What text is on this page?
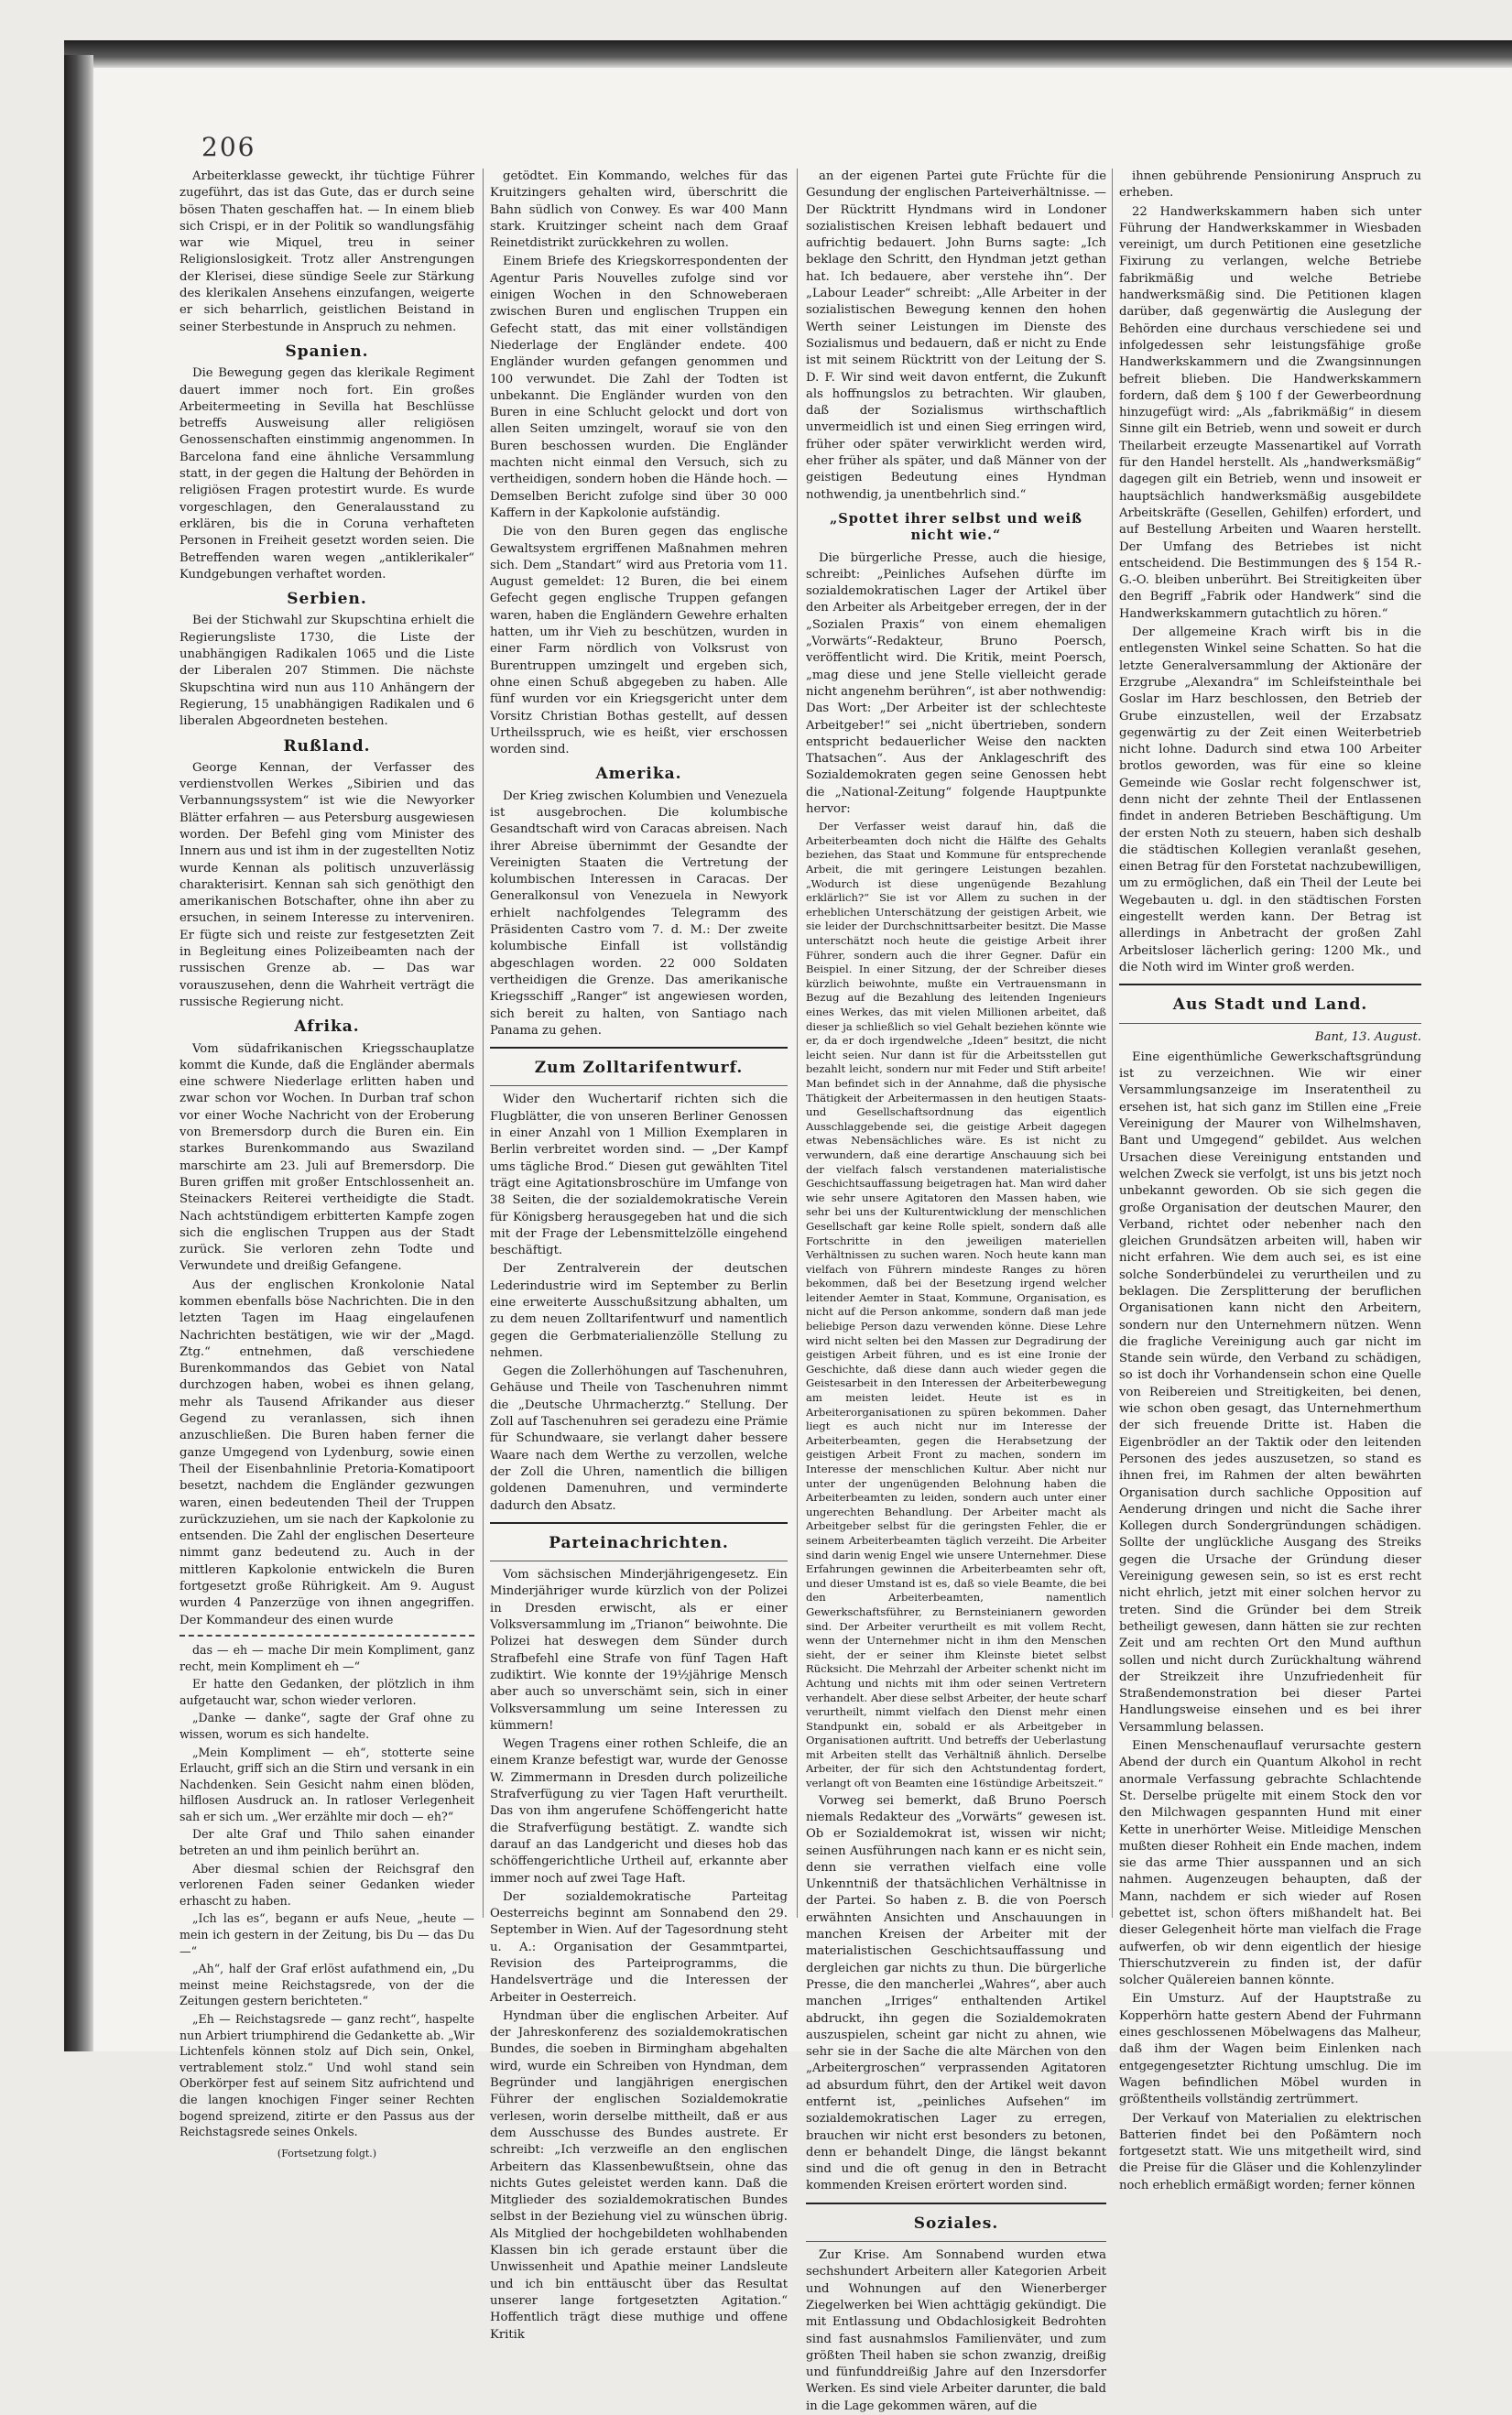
206

Arbeiterklasse geweckt, ihr tüchtige Führer zugeführt, das ist das Gute, das er durch seine bösen Thaten geschaffen hat. — In einem blieb sich Crispi, er in der Politik so wandlungsfähig war wie Miquel, treu in seiner Religionslosigkeit. Trotz aller Anstrengungen der Klerisei, diese sündige Seele zur Stärkung des klerikalen Ansehens einzufangen, weigerte er sich beharrlich, geistlichen Beistand in seiner Sterbestunde in Anspruch zu nehmen.

Spanien.

Die Bewegung gegen das klerikale Regiment dauert immer noch fort. Ein großes Arbeitermeeting in Sevilla hat Beschlüsse betreffs Ausweisung aller religiösen Genossenschaften einstimmig angenommen. In Barcelona fand eine ähnliche Versammlung statt, in der gegen die Haltung der Behörden in religiösen Fragen protestirt wurde. Es wurde vorgeschlagen, den Generalausstand zu erklären, bis die in Coruna verhafteten Personen in Freiheit gesetzt worden seien. Die Betreffenden waren wegen „antiklerikaler“ Kundgebungen verhaftet worden.

Serbien.

Bei der Stichwahl zur Skupschtina erhielt die Regierungsliste 1730, die Liste der unabhängigen Radikalen 1065 und die Liste der Liberalen 207 Stimmen. Die nächste Skupschtina wird nun aus 110 Anhängern der Regierung, 15 unabhängigen Radikalen und 6 liberalen Abgeordneten bestehen.

Rußland.

George Kennan, der Verfasser des verdienstvollen Werkes „Sibirien und das Verbannungssystem“ ist wie die Newyorker Blätter erfahren — aus Petersburg ausgewiesen worden. Der Befehl ging vom Minister des Innern aus und ist ihm in der zugestellten Notiz wurde Kennan als politisch unzuverlässig charakterisirt. Kennan sah sich genöthigt den amerikanischen Botschafter, ohne ihn aber zu ersuchen, in seinem Interesse zu interveniren. Er fügte sich und reiste zur festgesetzten Zeit in Begleitung eines Polizeibeamten nach der russischen Grenze ab. — Das war vorauszusehen, denn die Wahrheit verträgt die russische Regierung nicht.

Afrika.

Vom südafrikanischen Kriegsschauplatze kommt die Kunde, daß die Engländer abermals eine schwere Niederlage erlitten haben und zwar schon vor Wochen. In Durban traf schon vor einer Woche Nachricht von der Eroberung von Bremersdorp durch die Buren ein. Ein starkes Burenkommando aus Swaziland marschirte am 23. Juli auf Bremersdorp. Die Buren griffen mit großer Entschlossenheit an. Steinackers Reiterei vertheidigte die Stadt. Nach achtstündigem erbitterten Kampfe zogen sich die englischen Truppen aus der Stadt zurück. Sie verloren zehn Todte und Verwundete und dreißig Gefangene.

Aus der englischen Kronkolonie Natal kommen ebenfalls böse Nachrichten. Die in den letzten Tagen im Haag eingelaufenen Nachrichten bestätigen, wie wir der „Magd. Ztg.“ entnehmen, daß verschiedene Burenkommandos das Gebiet von Natal durchzogen haben, wobei es ihnen gelang, mehr als Tausend Afrikander aus dieser Gegend zu veranlassen, sich ihnen anzuschließen. Die Buren haben ferner die ganze Umgegend von Lydenburg, sowie einen Theil der Eisenbahnlinie Pretoria-Komatipoort besetzt, nachdem die Engländer gezwungen waren, einen bedeutenden Theil der Truppen zurückzuziehen, um sie nach der Kapkolonie zu entsenden. Die Zahl der englischen Deserteure nimmt ganz bedeutend zu. Auch in der mittleren Kapkolonie entwickeln die Buren fortgesetzt große Rührigkeit. Am 9. August wurden 4 Panzerzüge von ihnen angegriffen. Der Kommandeur des einen wurde

das — eh — mache Dir mein Kompliment, ganz recht, mein Kompliment eh —“

Er hatte den Gedanken, der plötzlich in ihm aufgetaucht war, schon wieder verloren.

„Danke — danke“, sagte der Graf ohne zu wissen, worum es sich handelte.

„Mein Kompliment — eh“, stotterte seine Erlaucht, griff sich an die Stirn und versank in ein Nachdenken. Sein Gesicht nahm einen blöden, hilflosen Ausdruck an. In ratloser Verlegenheit sah er sich um. „Wer erzählte mir doch — eh?“

Der alte Graf und Thilo sahen einander betreten an und ihm peinlich berührt an.

Aber diesmal schien der Reichsgraf den verlorenen Faden seiner Gedanken wieder erhascht zu haben.

„Ich las es“, begann er aufs Neue, „heute — mein ich gestern in der Zeitung, bis Du — das Du —“

„Ah“, half der Graf erlöst aufathmend ein, „Du meinst meine Reichstagsrede, von der die Zeitungen gestern berichteten.“

„Eh — Reichstagsrede — ganz recht“, haspelte nun Arbiert triumphirend die Gedankette ab. „Wir Lichtenfels können stolz auf Dich sein, Onkel, vertrablement stolz.“ Und wohl stand sein Oberkörper fest auf seinem Sitz aufrichtend und die langen knochigen Finger seiner Rechten bogend spreizend, zitirte er den Passus aus der Reichstagsrede seines Onkels.

(Fortsetzung folgt.)

getödtet. Ein Kommando, welches für das Kruitzingers gehalten wird, überschritt die Bahn südlich von Conwey. Es war 400 Mann stark. Kruitzinger scheint nach dem Graaf Reinetdistrikt zurückkehren zu wollen.

Einem Briefe des Kriegskorrespondenten der Agentur Paris Nouvelles zufolge sind vor einigen Wochen in den Schnoweberaen zwischen Buren und englischen Truppen ein Gefecht statt, das mit einer vollständigen Niederlage der Engländer endete. 400 Engländer wurden gefangen genommen und 100 verwundet. Die Zahl der Todten ist unbekannt. Die Engländer wurden von den Buren in eine Schlucht gelockt und dort von allen Seiten umzingelt, worauf sie von den Buren beschossen wurden. Die Engländer machten nicht einmal den Versuch, sich zu vertheidigen, sondern hoben die Hände hoch. — Demselben Bericht zufolge sind über 30 000 Kaffern in der Kapkolonie aufständig.

Die von den Buren gegen das englische Gewaltsystem ergriffenen Maßnahmen mehren sich. Dem „Standart“ wird aus Pretoria vom 11. August gemeldet: 12 Buren, die bei einem Gefecht gegen englische Truppen gefangen waren, haben die Engländern Gewehre erhalten hatten, um ihr Vieh zu beschützen, wurden in einer Farm nördlich von Volksrust von Burentruppen umzingelt und ergeben sich, ohne einen Schuß abgegeben zu haben. Alle fünf wurden vor ein Kriegsgericht unter dem Vorsitz Christian Bothas gestellt, auf dessen Urtheilsspruch, wie es heißt, vier erschossen worden sind.

Amerika.

Der Krieg zwischen Kolumbien und Venezuela ist ausgebrochen. Die kolumbische Gesandtschaft wird von Caracas abreisen. Nach ihrer Abreise übernimmt der Gesandte der Vereinigten Staaten die Vertretung der kolumbischen Interessen in Caracas. Der Generalkonsul von Venezuela in Newyork erhielt nachfolgendes Telegramm des Präsidenten Castro vom 7. d. M.: Der zweite kolumbische Einfall ist vollständig abgeschlagen worden. 22 000 Soldaten vertheidigen die Grenze. Das amerikanische Kriegsschiff „Ranger“ ist angewiesen worden, sich bereit zu halten, von Santiago nach Panama zu gehen.

Zum Zolltarifentwurf.

Wider den Wuchertarif richten sich die Flugblätter, die von unseren Berliner Genossen in einer Anzahl von 1 Million Exemplaren in Berlin verbreitet worden sind. — „Der Kampf ums tägliche Brod.“ Diesen gut gewählten Titel trägt eine Agitationsbroschüre im Umfange von 38 Seiten, die der sozialdemokratische Verein für Königsberg herausgegeben hat und die sich mit der Frage der Lebensmittelzölle eingehend beschäftigt.

Der Zentralverein der deutschen Lederindustrie wird im September zu Berlin eine erweiterte Ausschußsitzung abhalten, um zu dem neuen Zolltarifentwurf und namentlich gegen die Gerbmaterialienzölle Stellung zu nehmen.

Gegen die Zollerhöhungen auf Taschenuhren, Gehäuse und Theile von Taschenuhren nimmt die „Deutsche Uhrmacherztg.“ Stellung. Der Zoll auf Taschenuhren sei geradezu eine Prämie für Schundwaare, sie verlangt daher bessere Waare nach dem Werthe zu verzollen, welche der Zoll die Uhren, namentlich die billigen goldenen Damenuhren, und verminderte dadurch den Absatz.

Parteinachrichten.

Vom sächsischen Minderjährigengesetz. Ein Minderjähriger wurde kürzlich von der Polizei in Dresden erwischt, als er einer Volksversammlung im „Trianon“ beiwohnte. Die Polizei hat deswegen dem Sünder durch Strafbefehl eine Strafe von fünf Tagen Haft zudiktirt. Wie konnte der 19½jährige Mensch aber auch so unverschämt sein, sich in einer Volksversammlung um seine Interessen zu kümmern!

Wegen Tragens einer rothen Schleife, die an einem Kranze befestigt war, wurde der Genosse W. Zimmermann in Dresden durch polizeiliche Strafverfügung zu vier Tagen Haft verurtheilt. Das von ihm angerufene Schöffengericht hatte die Strafverfügung bestätigt. Z. wandte sich darauf an das Landgericht und dieses hob das schöffengerichtliche Urtheil auf, erkannte aber immer noch auf zwei Tage Haft.

Der sozialdemokratische Parteitag Oesterreichs beginnt am Sonnabend den 29. September in Wien. Auf der Tagesordnung steht u. A.: Organisation der Gesammtpartei, Revision des Parteiprogramms, die Handelsverträge und die Interessen der Arbeiter in Oesterreich.

Hyndman über die englischen Arbeiter. Auf der Jahreskonferenz des sozialdemokratischen Bundes, die soeben in Birmingham abgehalten wird, wurde ein Schreiben von Hyndman, dem Begründer und langjährigen energischen Führer der englischen Sozialdemokratie verlesen, worin derselbe mittheilt, daß er aus dem Ausschusse des Bundes austrete. Er schreibt: „Ich verzweifle an den englischen Arbeitern das Klassenbewußtsein, ohne das nichts Gutes geleistet werden kann. Daß die Mitglieder des sozialdemokratischen Bundes selbst in der Beziehung viel zu wünschen übrig. Als Mitglied der hochgebildeten wohlhabenden Klassen bin ich gerade erstaunt über die Unwissenheit und Apathie meiner Landsleute und ich bin enttäuscht über das Resultat unserer lange fortgesetzten Agitation.“ Hoffentlich trägt diese muthige und offene Kritik

an der eigenen Partei gute Früchte für die Gesundung der englischen Parteiverhältnisse. — Der Rücktritt Hyndmans wird in Londoner sozialistischen Kreisen lebhaft bedauert und aufrichtig bedauert. John Burns sagte: „Ich beklage den Schritt, den Hyndman jetzt gethan hat. Ich bedauere, aber verstehe ihn“. Der „Labour Leader“ schreibt: „Alle Arbeiter in der sozialistischen Bewegung kennen den hohen Werth seiner Leistungen im Dienste des Sozialismus und bedauern, daß er nicht zu Ende ist mit seinem Rücktritt von der Leitung der S. D. F. Wir sind weit davon entfernt, die Zukunft als hoffnungslos zu betrachten. Wir glauben, daß der Sozialismus wirthschaftlich unvermeidlich ist und einen Sieg erringen wird, früher oder später verwirklicht werden wird, eher früher als später, und daß Männer von der geistigen Bedeutung eines Hyndman nothwendig, ja unentbehrlich sind.“

„Spottet ihrer selbst und weiß nicht wie.“

Die bürgerliche Presse, auch die hiesige, schreibt: „Peinliches Aufsehen dürfte im sozialdemokratischen Lager der Artikel über den Arbeiter als Arbeitgeber erregen, der in der „Sozialen Praxis“ von einem ehemaligen „Vorwärts“-Redakteur, Bruno Poersch, veröffentlicht wird. Die Kritik, meint Poersch, „mag diese und jene Stelle vielleicht gerade nicht angenehm berühren“, ist aber nothwendig: Das Wort: „Der Arbeiter ist der schlechteste Arbeitgeber!“ sei „nicht übertrieben, sondern entspricht bedauerlicher Weise den nackten Thatsachen“. Aus der Anklageschrift des Sozialdemokraten gegen seine Genossen hebt die „National-Zeitung“ folgende Hauptpunkte hervor:

Der Verfasser weist darauf hin, daß die Arbeiterbeamten doch nicht die Hälfte des Gehalts beziehen, das Staat und Kommune für entsprechende Arbeit, die mit geringere Leistungen bezahlen. „Wodurch ist diese ungenügende Bezahlung erklärlich?“ Sie ist vor Allem zu suchen in der erheblichen Unterschätzung der geistigen Arbeit, wie sie leider der Durchschnittsarbeiter besitzt. Die Masse unterschätzt noch heute die geistige Arbeit ihrer Führer, sondern auch die ihrer Gegner. Dafür ein Beispiel. In einer Sitzung, der der Schreiber dieses kürzlich beiwohnte, mußte ein Vertrauensmann in Bezug auf die Bezahlung des leitenden Ingenieurs eines Werkes, das mit vielen Millionen arbeitet, daß dieser ja schließlich so viel Gehalt beziehen könnte wie er, da er doch irgendwelche „Ideen“ besitzt, die nicht leicht seien. Nur dann ist für die Arbeitsstellen gut bezahlt leicht, sondern nur mit Feder und Stift arbeite! Man befindet sich in der Annahme, daß die physische Thätigkeit der Arbeitermassen in den heutigen Staats- und Gesellschaftsordnung das eigentlich Ausschlaggebende sei, die geistige Arbeit dagegen etwas Nebensächliches wäre. Es ist nicht zu verwundern, daß eine derartige Anschauung sich bei der vielfach falsch verstandenen materialistische Geschichtsauffassung beigetragen hat. Man wird daher wie sehr unsere Agitatoren den Massen haben, wie sehr bei uns der Kulturentwicklung der menschlichen Gesellschaft gar keine Rolle spielt, sondern daß alle Fortschritte in den jeweiligen materiellen Verhältnissen zu suchen waren. Noch heute kann man vielfach von Führern mindeste Ranges zu hören bekommen, daß bei der Besetzung irgend welcher leitender Aemter in Staat, Kommune, Organisation, es nicht auf die Person ankomme, sondern daß man jede beliebige Person dazu verwenden könne. Diese Lehre wird nicht selten bei den Massen zur Degradirung der geistigen Arbeit führen, und es ist eine Ironie der Geschichte, daß diese dann auch wieder gegen die Geistesarbeit in den Interessen der Arbeiterbewegung am meisten leidet. Heute ist es in Arbeiterorganisationen zu spüren bekommen. Daher liegt es auch nicht nur im Interesse der Arbeiterbeamten, gegen die Herabsetzung der geistigen Arbeit Front zu machen, sondern im Interesse der menschlichen Kultur. Aber nicht nur unter der ungenügenden Belohnung haben die Arbeiterbeamten zu leiden, sondern auch unter einer ungerechten Behandlung. Der Arbeiter macht als Arbeitgeber selbst für die geringsten Fehler, die er seinem Arbeiterbeamten täglich verzeiht. Die Arbeiter sind darin wenig Engel wie unsere Unternehmer. Diese Erfahrungen gewinnen die Arbeiterbeamten sehr oft, und dieser Umstand ist es, daß so viele Beamte, die bei den Arbeiterbeamten, namentlich Gewerkschaftsführer, zu Bernsteinianern geworden sind. Der Arbeiter verurtheilt es mit vollem Recht, wenn der Unternehmer nicht in ihm den Menschen sieht, der er seiner ihm Kleinste bietet selbst Rücksicht. Die Mehrzahl der Arbeiter schenkt nicht im Achtung und nichts mit ihm oder seinen Vertretern verhandelt. Aber diese selbst Arbeiter, der heute scharf verurtheilt, nimmt vielfach den Dienst mehr einen Standpunkt ein, sobald er als Arbeitgeber in Organisationen auftritt. Und betreffs der Ueberlastung mit Arbeiten stellt das Verhältniß ähnlich. Derselbe Arbeiter, der für sich den Achtstundentag fordert, verlangt oft von Beamten eine 16stündige Arbeitszeit.“

Vorweg sei bemerkt, daß Bruno Poersch niemals Redakteur des „Vorwärts“ gewesen ist. Ob er Sozialdemokrat ist, wissen wir nicht; seinen Ausführungen nach kann er es nicht sein, denn sie verrathen vielfach eine volle Unkenntniß der thatsächlichen Verhältnisse in der Partei. So haben z. B. die von Poersch erwähnten Ansichten und Anschauungen in manchen Kreisen der Arbeiter mit der materialistischen Geschichtsauffassung und dergleichen gar nichts zu thun. Die bürgerliche Presse, die den mancherlei „Wahres“, aber auch manchen „Irriges“ enthaltenden Artikel abdruckt, ihn gegen die Sozialdemokraten auszuspielen, scheint gar nicht zu ahnen, wie sehr sie in der Sache die alte Märchen von den „Arbeitergroschen“ verprassenden Agitatoren ad absurdum führt, den der Artikel weit davon entfernt ist, „peinliches Aufsehen“ im sozialdemokratischen Lager zu erregen, brauchen wir nicht erst besonders zu betonen, denn er behandelt Dinge, die längst bekannt sind und die oft genug in den in Betracht kommenden Kreisen erörtert worden sind.

Soziales.

Zur Krise. Am Sonnabend wurden etwa sechshundert Arbeitern aller Kategorien Arbeit und Wohnungen auf den Wienerberger Ziegelwerken bei Wien achttägig gekündigt. Die mit Entlassung und Obdachlosigkeit Bedrohten sind fast ausnahmslos Familienväter, und zum größten Theil haben sie schon zwanzig, dreißig und fünfunddreißig Jahre auf den Inzersdorfer Werken. Es sind viele Arbeiter darunter, die bald in die Lage gekommen wären, auf die

ihnen gebührende Pensionirung Anspruch zu erheben.

22 Handwerkskammern haben sich unter Führung der Handwerkskammer in Wiesbaden vereinigt, um durch Petitionen eine gesetzliche Fixirung zu verlangen, welche Betriebe fabrikmäßig und welche Betriebe handwerksmäßig sind. Die Petitionen klagen darüber, daß gegenwärtig die Auslegung der Behörden eine durchaus verschiedene sei und infolgedessen sehr leistungsfähige große Handwerkskammern und die Zwangsinnungen befreit blieben. Die Handwerkskammern fordern, daß dem § 100 f der Gewerbeordnung hinzugefügt wird: „Als „fabrikmäßig“ in diesem Sinne gilt ein Betrieb, wenn und soweit er durch Theilarbeit erzeugte Massenartikel auf Vorrath für den Handel herstellt. Als „handwerksmäßig“ dagegen gilt ein Betrieb, wenn und insoweit er hauptsächlich handwerksmäßig ausgebildete Arbeitskräfte (Gesellen, Gehilfen) erfordert, und auf Bestellung Arbeiten und Waaren herstellt. Der Umfang des Betriebes ist nicht entscheidend. Die Bestimmungen des § 154 R.-G.-O. bleiben unberührt. Bei Streitigkeiten über den Begriff „Fabrik oder Handwerk“ sind die Handwerkskammern gutachtlich zu hören.“

Der allgemeine Krach wirft bis in die entlegensten Winkel seine Schatten. So hat die letzte Generalversammlung der Aktionäre der Erzgrube „Alexandra“ im Schleifsteinthale bei Goslar im Harz beschlossen, den Betrieb der Grube einzustellen, weil der Erzabsatz gegenwärtig zu der Zeit einen Weiterbetrieb nicht lohne. Dadurch sind etwa 100 Arbeiter brotlos geworden, was für eine so kleine Gemeinde wie Goslar recht folgenschwer ist, denn nicht der zehnte Theil der Entlassenen findet in anderen Betrieben Beschäftigung. Um der ersten Noth zu steuern, haben sich deshalb die städtischen Kollegien veranlaßt gesehen, einen Betrag für den Forstetat nachzubewilligen, um zu ermöglichen, daß ein Theil der Leute bei Wegebauten u. dgl. in den städtischen Forsten eingestellt werden kann. Der Betrag ist allerdings in Anbetracht der großen Zahl Arbeitsloser lächerlich gering: 1200 Mk., und die Noth wird im Winter groß werden.

Aus Stadt und Land.
Bant, 13. August.

Eine eigenthümliche Gewerkschaftsgründung ist zu verzeichnen. Wie wir einer Versammlungsanzeige im Inseratentheil zu ersehen ist, hat sich ganz im Stillen eine „Freie Vereinigung der Maurer von Wilhelmshaven, Bant und Umgegend“ gebildet. Aus welchen Ursachen diese Vereinigung entstanden und welchen Zweck sie verfolgt, ist uns bis jetzt noch unbekannt geworden. Ob sie sich gegen die große Organisation der deutschen Maurer, den Verband, richtet oder nebenher nach den gleichen Grundsätzen arbeiten will, haben wir nicht erfahren. Wie dem auch sei, es ist eine solche Sonderbündelei zu verurtheilen und zu beklagen. Die Zersplitterung der beruflichen Organisationen kann nicht den Arbeitern, sondern nur den Unternehmern nützen. Wenn die fragliche Vereinigung auch gar nicht im Stande sein würde, den Verband zu schädigen, so ist doch ihr Vorhandensein schon eine Quelle von Reibereien und Streitigkeiten, bei denen, wie schon oben gesagt, das Unternehmerthum der sich freuende Dritte ist. Haben die Eigenbrödler an der Taktik oder den leitenden Personen des jedes auszusetzen, so stand es ihnen frei, im Rahmen der alten bewährten Organisation durch sachliche Opposition auf Aenderung dringen und nicht die Sache ihrer Kollegen durch Sondergründungen schädigen. Sollte der unglückliche Ausgang des Streiks gegen die Ursache der Gründung dieser Vereinigung gewesen sein, so ist es erst recht nicht ehrlich, jetzt mit einer solchen hervor zu treten. Sind die Gründer bei dem Streik betheiligt gewesen, dann hätten sie zur rechten Zeit und am rechten Ort den Mund aufthun sollen und nicht durch Zurückhaltung während der Streikzeit ihre Unzufriedenheit für Straßendemonstration bei dieser Partei Handlungsweise einsehen und es bei ihrer Versammlung belassen.

Einen Menschenauflauf verursachte gestern Abend der durch ein Quantum Alkohol in recht anormale Verfassung gebrachte Schlachtende St. Derselbe prügelte mit einem Stock den vor den Milchwagen gespannten Hund mit einer Kette in unerhörter Weise. Mitleidige Menschen mußten dieser Rohheit ein Ende machen, indem sie das arme Thier ausspannen und an sich nahmen. Augenzeugen behaupten, daß der Mann, nachdem er sich wieder auf Rosen gebettet ist, schon öfters mißhandelt hat. Bei dieser Gelegenheit hörte man vielfach die Frage aufwerfen, ob wir denn eigentlich der hiesige Thierschutzverein zu finden ist, der dafür solcher Quälereien bannen könnte.

Ein Umsturz. Auf der Hauptstraße zu Kopperhörn hatte gestern Abend der Fuhrmann eines geschlossenen Möbelwagens das Malheur, daß ihm der Wagen beim Einlenken nach entgegengesetzter Richtung umschlug. Die im Wagen befindlichen Möbel wurden in größtentheils vollständig zertrümmert.

Der Verkauf von Materialien zu elektrischen Batterien findet bei den Poßämtern noch fortgesetzt statt. Wie uns mitgetheilt wird, sind die Preise für die Gläser und die Kohlenzylinder noch erheblich ermäßigt worden; ferner können
